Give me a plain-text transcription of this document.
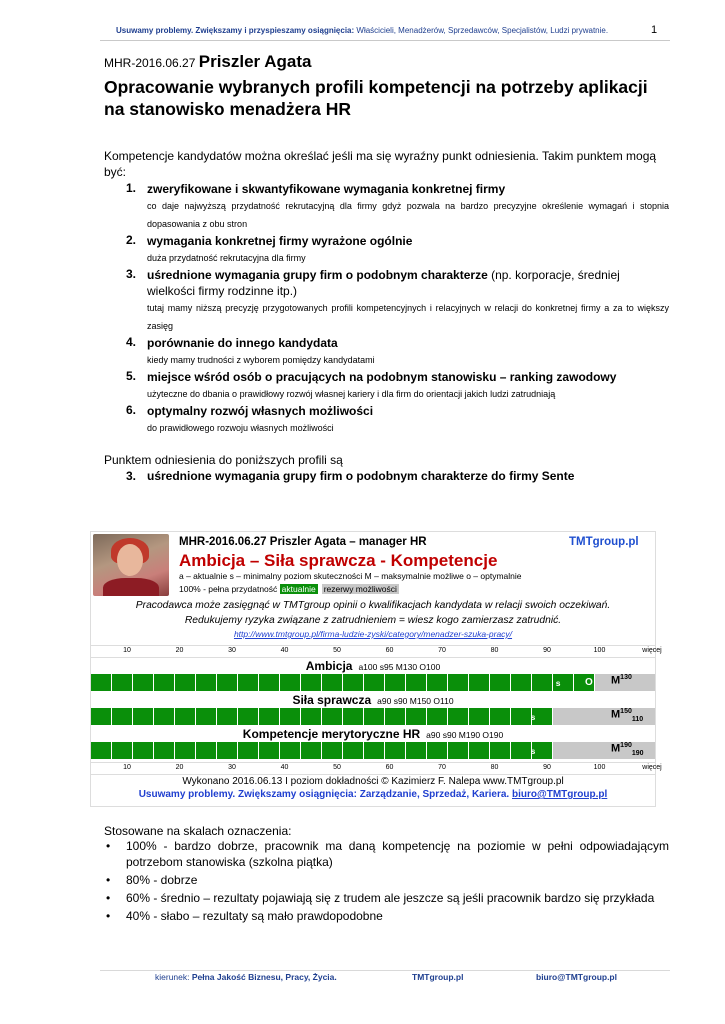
Usuwamy problemy. Zwiększamy i przyspieszamy osiągnięcia: Właścicieli, Menadżerów, Sprzedawców, Specjalistów, Ludzi prywatnie.	1
MHR-2016.06.27 Priszler Agata
Opracowanie wybranych profili kompetencji na potrzeby aplikacji na stanowisko menadżera HR
Kompetencje kandydatów można określać jeśli ma się wyraźny punkt odniesienia. Takim punktem mogą być:
1. zweryfikowane i skwantyfikowane wymagania konkretnej firmy
co daje najwyższą przydatność rekrutacyjną dla firmy gdyż pozwala na bardzo precyzyjne określenie wymagań i stopnia dopasowania z obu stron
2. wymagania konkretnej firmy wyrażone ogólnie
duża przydatność rekrutacyjna dla firmy
3. uśrednione wymagania grupy firm o podobnym charakterze (np. korporacje, średniej wielkości firmy rodzinne itp.)
tutaj mamy niższą precyzję przygotowanych profili kompetencyjnych i relacyjnych w relacji do konkretnej firmy a za to większy zasięg
4. porównanie do innego kandydata
kiedy mamy trudności z wyborem pomiędzy kandydatami
5. miejsce wśród osób o pracujących na podobnym stanowisku – ranking zawodowy
użyteczne do dbania o prawidłowy rozwój własnej kariery i dla firm do orientacji jakich ludzi zatrudniają
6. optymalny rozwój własnych możliwości
do prawidłowego rozwoju własnych możliwości
Punktem odniesienia do poniższych profili są
3. uśrednione wymagania grupy firm o podobnym charakterze do firmy Sente
MHR-2016.06.27 Priszler Agata – manager HR	TMTgroup.pl
Ambicja – Siła sprawcza - Kompetencje
a – aktualnie s – minimalny poziom skuteczności M – maksymalnie możliwe o – optymalnie
100% - pełna przydatność aktualnie rezerwy możliwości
Pracodawca może zasięgnąć w TMTgroup opinii o kwalifikacjach kandydata w relacji swoich oczekiwań.
Redukujemy ryzyka związane z zatrudnieniem = wiesz kogo zamierzasz zatrudnić.
http://www.tmtgroup.pl/firma-ludzie-zyski/category/menadzer-szuka-pracy/
10	20	30	40	50	60	70	80	90	100	więcej
Ambicja a100 s95 M130 O100
s O $M^{130}$
Siła sprawcza a90 s90 M150 O110
s	$M^{150}_{110}$
Kompetencje merytoryczne HR a90 s90 M190 O190
s	$M^{190}_{190}$
10	20	30	40	50	60	70	80	90	100	więcej
Wykonano 2016.06.13 I poziom dokładności © Kazimierz F. Nalepa www.TMTgroup.pl
Usuwamy problemy. Zwiększamy osiągnięcia: Zarządzanie, Sprzedaż, Kariera. biuro@TMTgroup.pl
Stosowane na skalach oznaczenia:
• 100% - bardzo dobrze, pracownik ma daną kompetencję na poziomie w pełni odpowiadającym potrzebom stanowiska (szkolna piątka)
• 80% - dobrze
• 60% - średnio – rezultaty pojawiają się z trudem ale jeszcze są jeśli pracownik bardzo się przykłada
• 40% - słabo – rezultaty są mało prawdopodobne
kierunek: Pełna Jakość Biznesu, Pracy, Życia.	TMTgroup.pl	biuro@TMTgroup.pl
